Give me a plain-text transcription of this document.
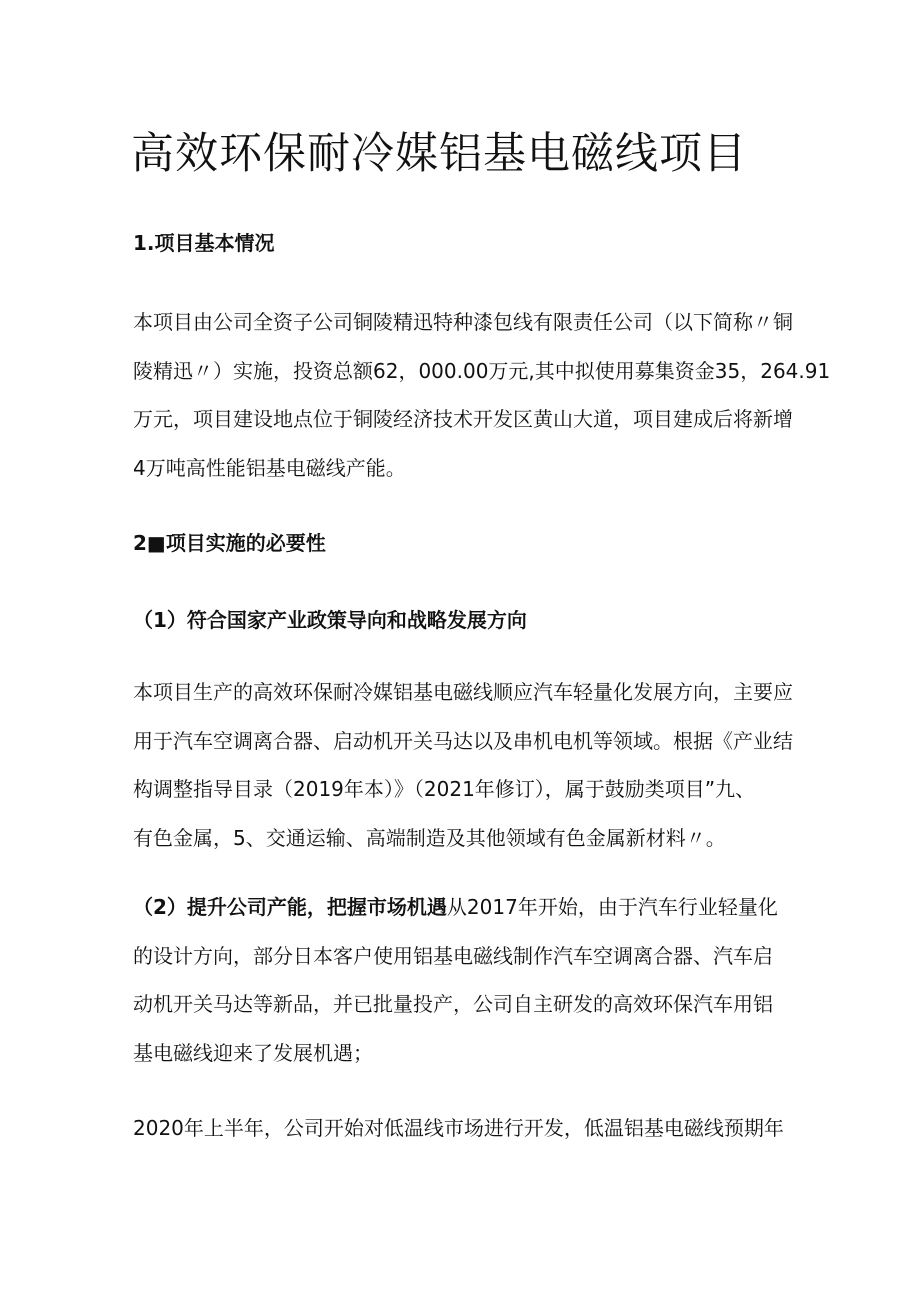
高效环保耐冷媒铝基电磁线项目
1.项目基本情况
本项目由公司全资子公司铜陵精迅特种漆包线有限责任公司（以下简称〃铜
陵精迅〃）实施，投资总额62，000.00万元,其中拟使用募集资金35，264.91
万元，项目建设地点位于铜陵经济技术开发区黄山大道，项目建成后将新增
4万吨高性能铝基电磁线产能。
2■项目实施的必要性
（1）符合国家产业政策导向和战略发展方向
本项目生产的高效环保耐冷媒铝基电磁线顺应汽车轻量化发展方向，主要应
用于汽车空调离合器、启动机开关马达以及串机电机等领域。根据《产业结
构调整指导目录（2019年本）》（2021年修订），属于鼓励类项目”九、
有色金属，5、交通运输、高端制造及其他领域有色金属新材料〃。
（2）提升公司产能，把握市场机遇从2017年开始，由于汽车行业轻量化
的设计方向，部分日本客户使用铝基电磁线制作汽车空调离合器、汽车启
动机开关马达等新品，并已批量投产，公司自主研发的高效环保汽车用铝
基电磁线迎来了发展机遇；
2020年上半年，公司开始对低温线市场进行开发，低温铝基电磁线预期年
